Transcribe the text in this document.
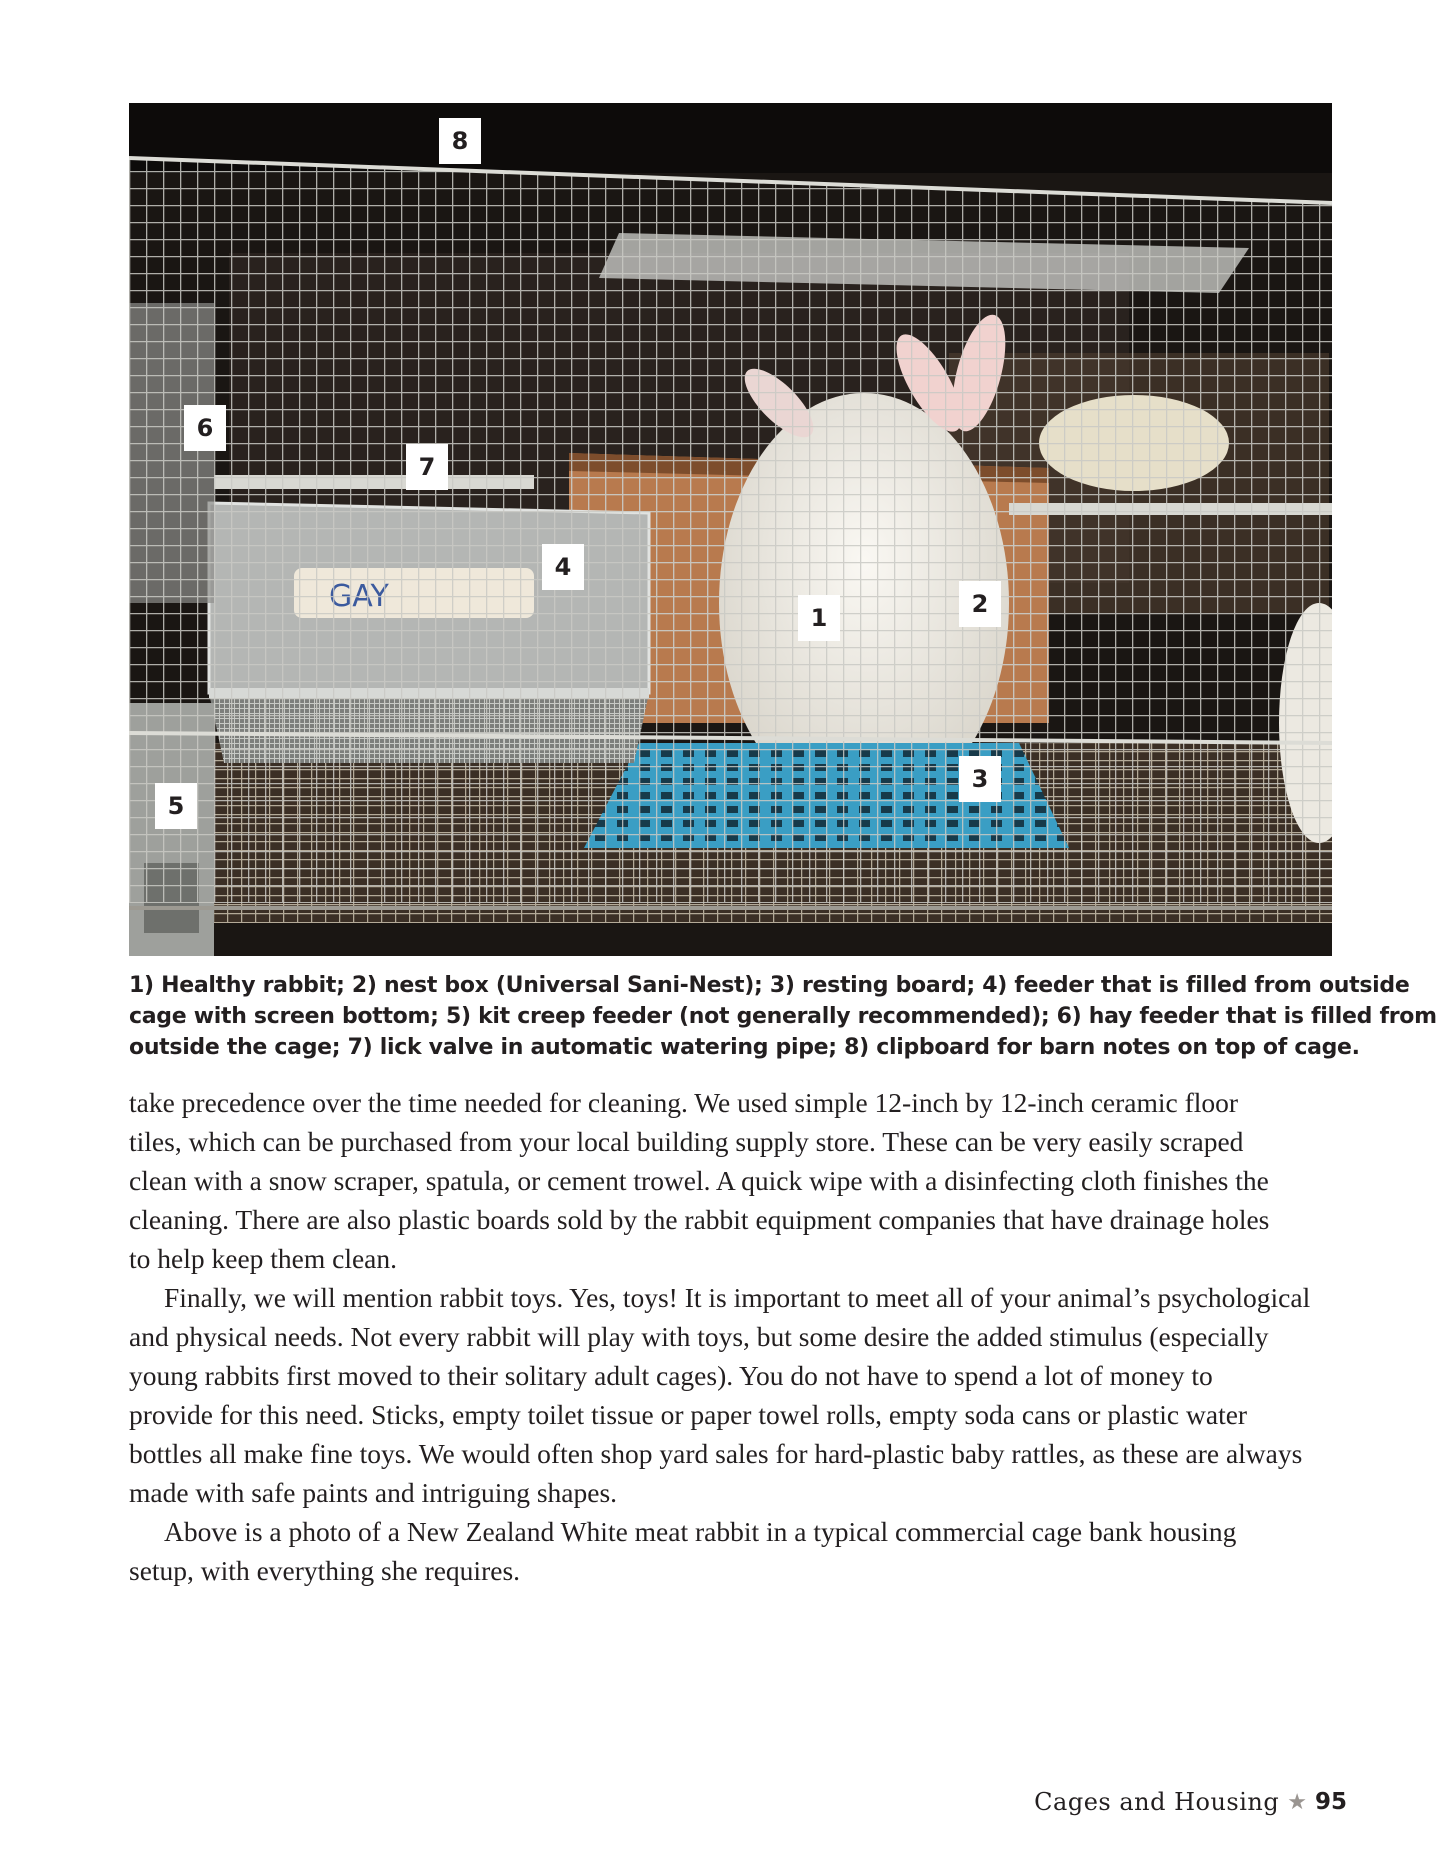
8
6
7
4
1	2
3
5
1) Healthy rabbit; 2) nest box (Universal Sani-Nest); 3) resting board; 4) feeder that is filled from outside
cage with screen bottom; 5) kit creep feeder (not generally recommended); 6) hay feeder that is filled from
outside the cage; 7) lick valve in automatic watering pipe; 8) clipboard for barn notes on top of cage.
take precedence over the time needed for cleaning. We used simple 12-inch by 12-inch ceramic floor
tiles, which can be purchased from your local building supply store. These can be very easily scraped
clean with a snow scraper, spatula, or cement trowel. A quick wipe with a disinfecting cloth finishes the
cleaning. There are also plastic boards sold by the rabbit equipment companies that have drainage holes
to help keep them clean.
Finally, we will mention rabbit toys. Yes, toys! It is important to meet all of your animal’s psychological
and physical needs. Not every rabbit will play with toys, but some desire the added stimulus (especially
young rabbits first moved to their solitary adult cages). You do not have to spend a lot of money to
provide for this need. Sticks, empty toilet tissue or paper towel rolls, empty soda cans or plastic water
bottles all make fine toys. We would often shop yard sales for hard-plastic baby rattles, as these are always
made with safe paints and intriguing shapes.
Above is a photo of a New Zealand White meat rabbit in a typical commercial cage bank housing
setup, with everything she requires.
Cages and Housing ★ 95
